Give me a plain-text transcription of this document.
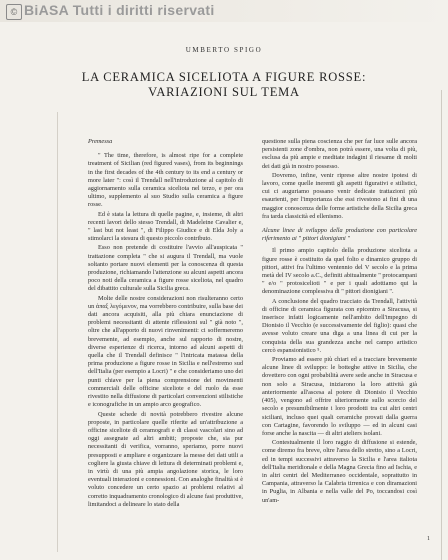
© BiASA Tutti i diritti riservati
UMBERTO SPIGO
LA CERAMICA SICELIOTA A FIGURE ROSSE:
VARIAZIONI SUL TEMA

Premessa

" The time, therefore, is almost ripe for a complete treatment of Sicilian (red figured vases), from its beginnings in the first decades of the 4th century to its end a century or more later ": così il Trendall nell'introduzione al capitolo di aggiornamento sulla ceramica siceliota nel terzo, e per ora ultimo, supplemento al suo Studio sulla ceramica a figure rosse.

Ed è stata la lettura di quelle pagine, e, insieme, di altri recenti lavori dello stesso Trendall, di Madeleine Cavalier e, " last but not least ", di Filippo Giudice e di Elda Joly a stimolarci la stesura di questo piccolo contributo.

Esso non pretende di costituire l'avvio all'auspicata " trattazione completa " che si augura il Trendall, ma vuole soltanto portare nuovi elementi per la conoscenza di questa produzione, richiamando l'attenzione su alcuni aspetti ancora poco noti della ceramica a figure rosse siceliota, nel quadro del dibattito culturale sulla Sicilia greca.

Molte delle nostre considerazioni non risulteranno certo un ἀπαξ λεγόμενον, ma vorrebbero contribuire, sulla base dei dati ancora acquisiti, alla più chiara enunciazione di problemi necessitanti di attente riflessioni sul " già noto ", oltre che all'apporto di nuovi rinvenimenti: ci soffermeremo brevemente, ad esempio, anche sul rapporto di nostre, diverse esperienze di ricerca, intorno ad alcuni aspetti di quella che il Trendall definisce " l'intricata matassa della prima produzione a figure rosse in Sicilia e nell'estremo sud dell'Italia (per esempio a Locri) " e che consideriamo uno dei punti chiave per la piena comprensione dei movimenti commerciali delle officine siceliote e del ruolo da esse rivestito nella diffusione di particolari convenzioni stilistiche e iconografiche in un ampio arco geografico.

Queste schede di novità potrebbero rivestire alcune proposte, in particolare quelle riferite ad un'attribuzione a officine siceliote di ceramografi e di classi vascolari sino ad oggi assegnate ad altri ambiti; proposte che, sia pur necessitanti di verifica, vorranno, speriamo, porre nuovi presupposti e ampliare e organizzare la messe dei dati utili a cogliere la giusta chiave di lettura di determinati problemi e, in virtù di una più ampia angolazione storica, le loro eventuali interazioni e connessioni. Con analoghe finalità si è voluto concedere un certo spazio ai problemi relativi al corretto inquadramento cronologico di alcune fasi produttive, limitandoci a delineare lo stato della

questione sulla piena coscienza che per far luce sulle ancora persistenti zone d'ombra, non potrà essere, una volta di più, esclusa da più ampie e meditate indagini il riesame di molti dei dati già in nostro possesso.

Dovremo, infine, venir riprese altre nostre ipotesi di lavoro, come quelle inerenti gli aspetti figurativi e stilistici, cui ci auguriamo possano venir dedicate trattazioni più esaurienti, per l'importanza che essi rivestono ai fini di una maggior conoscenza delle forme artistiche della Sicilia greca fra tarda classicità ed ellenismo.

Alcune linee di sviluppo della produzione con particolare riferimento ai " pittori dionigiani "

Il primo ampio capitolo della produzione siceliota a figure rosse è costituito da quel folto e dinamico gruppo di pittori, attivi fra l'ultimo ventennio del V secolo e la prima metà del IV secolo a.C., definiti abitualmente " protocampani " e/o " protosicelioti " e per i quali adottiamo qui la denominazione complessiva di " pittori dionigiani ".

A conclusione del quadro tracciato da Trendall, l'attività di officine di ceramica figurata con epicentro a Siracusa, si inserisce infatti logicamente nell'ambito dell'impegno di Dionisio il Vecchio (e successivamente del figlio): quasi che avesse voluto creare una diga a una linea di cui per la conquista della sua grandezza anche nel campo artistico cercò espansionistico ⁵.

Proviamo ad essere più chiari ed a tracciare brevemente alcune linee di sviluppo: le botteghe attive in Sicilia, che dovettero con ogni probabilità avere sede anche in Siracusa e non solo a Siracusa, iniziarono la loro attività già anteriormente all'ascesa al potere di Dionisio il Vecchio (405), vengono ad offrire ulteriormente sullo scorcio del secolo e presumibilmente i loro prodotti tra cui altri centri siciliani, incluso quei quali ceramiche provati dalla guerra con Cartagine, favorendo lo sviluppo — ed in alcuni casi forse anche la nascita — di altri ateliers isolani.

Contestualmente il loro raggio di diffusione si estende, come diremo fra breve, oltre l'area dello stretto, sino a Locri, ed in tempi successivi attraverso la Sicilia e l'area italiota dell'Italia meridionale e della Magna Grecia fino ad Ischia, e in altri centri del Mediterraneo occidentale, soprattutto in Campania, attraverso la Calabria tirrenica e con diramazioni in Puglia, in Albania e nella valle del Po, toccandosi così un'am-

1
